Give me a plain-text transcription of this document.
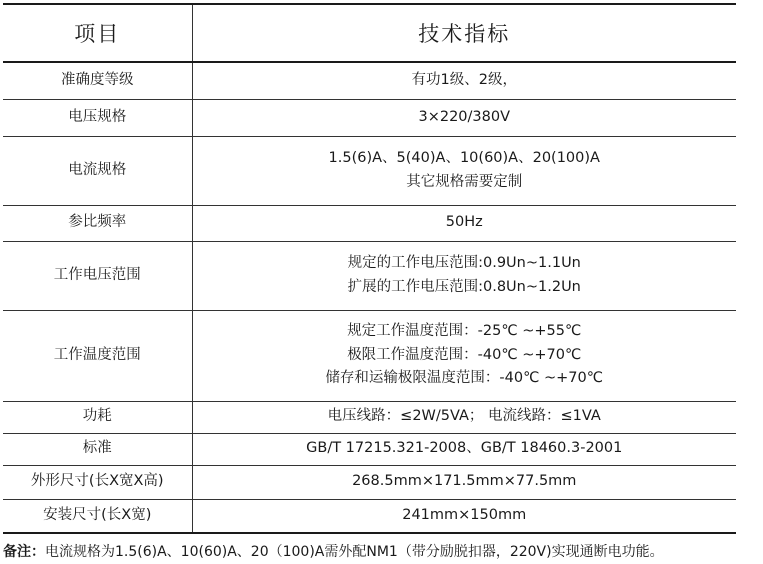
项目	技术指标
准确度等级	有功1级、2级，

电压规格	3×220/380V

电流规格	1.5(6)A、5(40)A、10(60)A、20(100)A
其它规格需要定制

参比频率	50Hz

工作电压范围	规定的工作电压范围:0.9Un~1.1Un
扩展的工作电压范围:0.8Un~1.2Un

工作温度范围	规定工作温度范围：-25℃ ~+55℃
极限工作温度范围：-40℃ ~+70℃
储存和运输极限温度范围：-40℃ ~+70℃

功耗	电压线路：≤2W/5VA； 电流线路：≤1VA

标准	GB/T 17215.321-2008、GB/T 18460.3-2001

外形尺寸(长X宽X高)	268.5mm×171.5mm×77.5mm

安装尺寸(长X宽)	241mm×150mm
备注：电流规格为1.5(6)A、10(60)A、20（100)A需外配NM1（带分励脱扣器，220V)实现通断电功能。
